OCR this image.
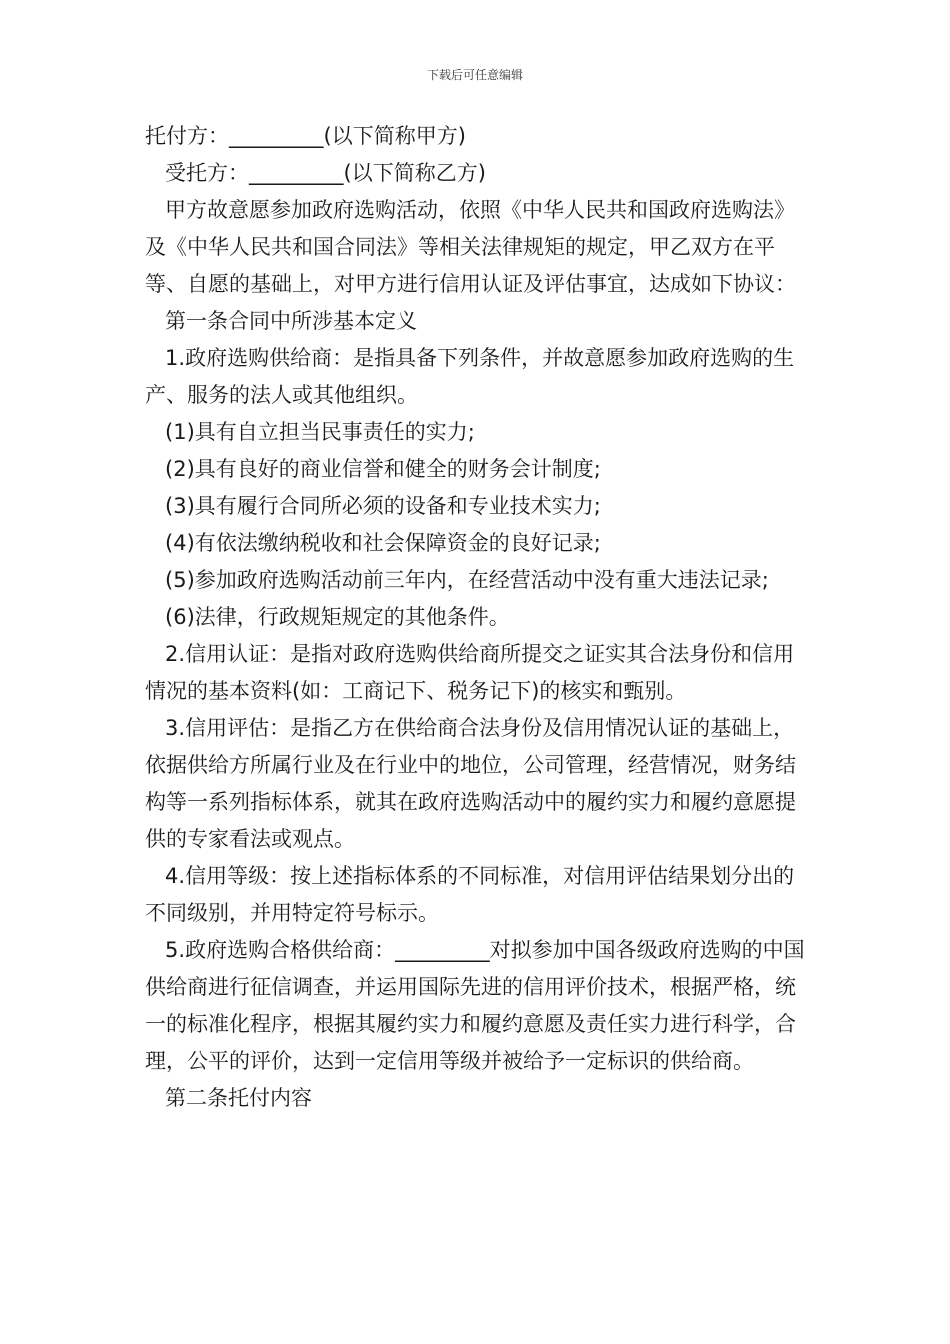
下载后可任意编辑

托付方：_________(以下简称甲方)

受托方：_________(以下简称乙方)

甲方故意愿参加政府选购活动，依照《中华人民共和国政府选购法》及《中华人民共和国合同法》等相关法律规矩的规定，甲乙双方在平等、自愿的基础上，对甲方进行信用认证及评估事宜，达成如下协议：

第一条合同中所涉基本定义

1.政府选购供给商：是指具备下列条件，并故意愿参加政府选购的生产、服务的法人或其他组织。

(1)具有自立担当民事责任的实力;

(2)具有良好的商业信誉和健全的财务会计制度;

(3)具有履行合同所必须的设备和专业技术实力;

(4)有依法缴纳税收和社会保障资金的良好记录;

(5)参加政府选购活动前三年内，在经营活动中没有重大违法记录;

(6)法律，行政规矩规定的其他条件。

2.信用认证：是指对政府选购供给商所提交之证实其合法身份和信用情况的基本资料(如：工商记下、税务记下)的核实和甄别。

3.信用评估：是指乙方在供给商合法身份及信用情况认证的基础上，依据供给方所属行业及在行业中的地位，公司管理，经营情况，财务结构等一系列指标体系，就其在政府选购活动中的履约实力和履约意愿提供的专家看法或观点。

4.信用等级：按上述指标体系的不同标准，对信用评估结果划分出的不同级别，并用特定符号标示。

5.政府选购合格供给商：_________对拟参加中国各级政府选购的中国供给商进行征信调查，并运用国际先进的信用评价技术，根据严格，统一的标准化程序，根据其履约实力和履约意愿及责任实力进行科学，合理，公平的评价，达到一定信用等级并被给予一定标识的供给商。

第二条托付内容
